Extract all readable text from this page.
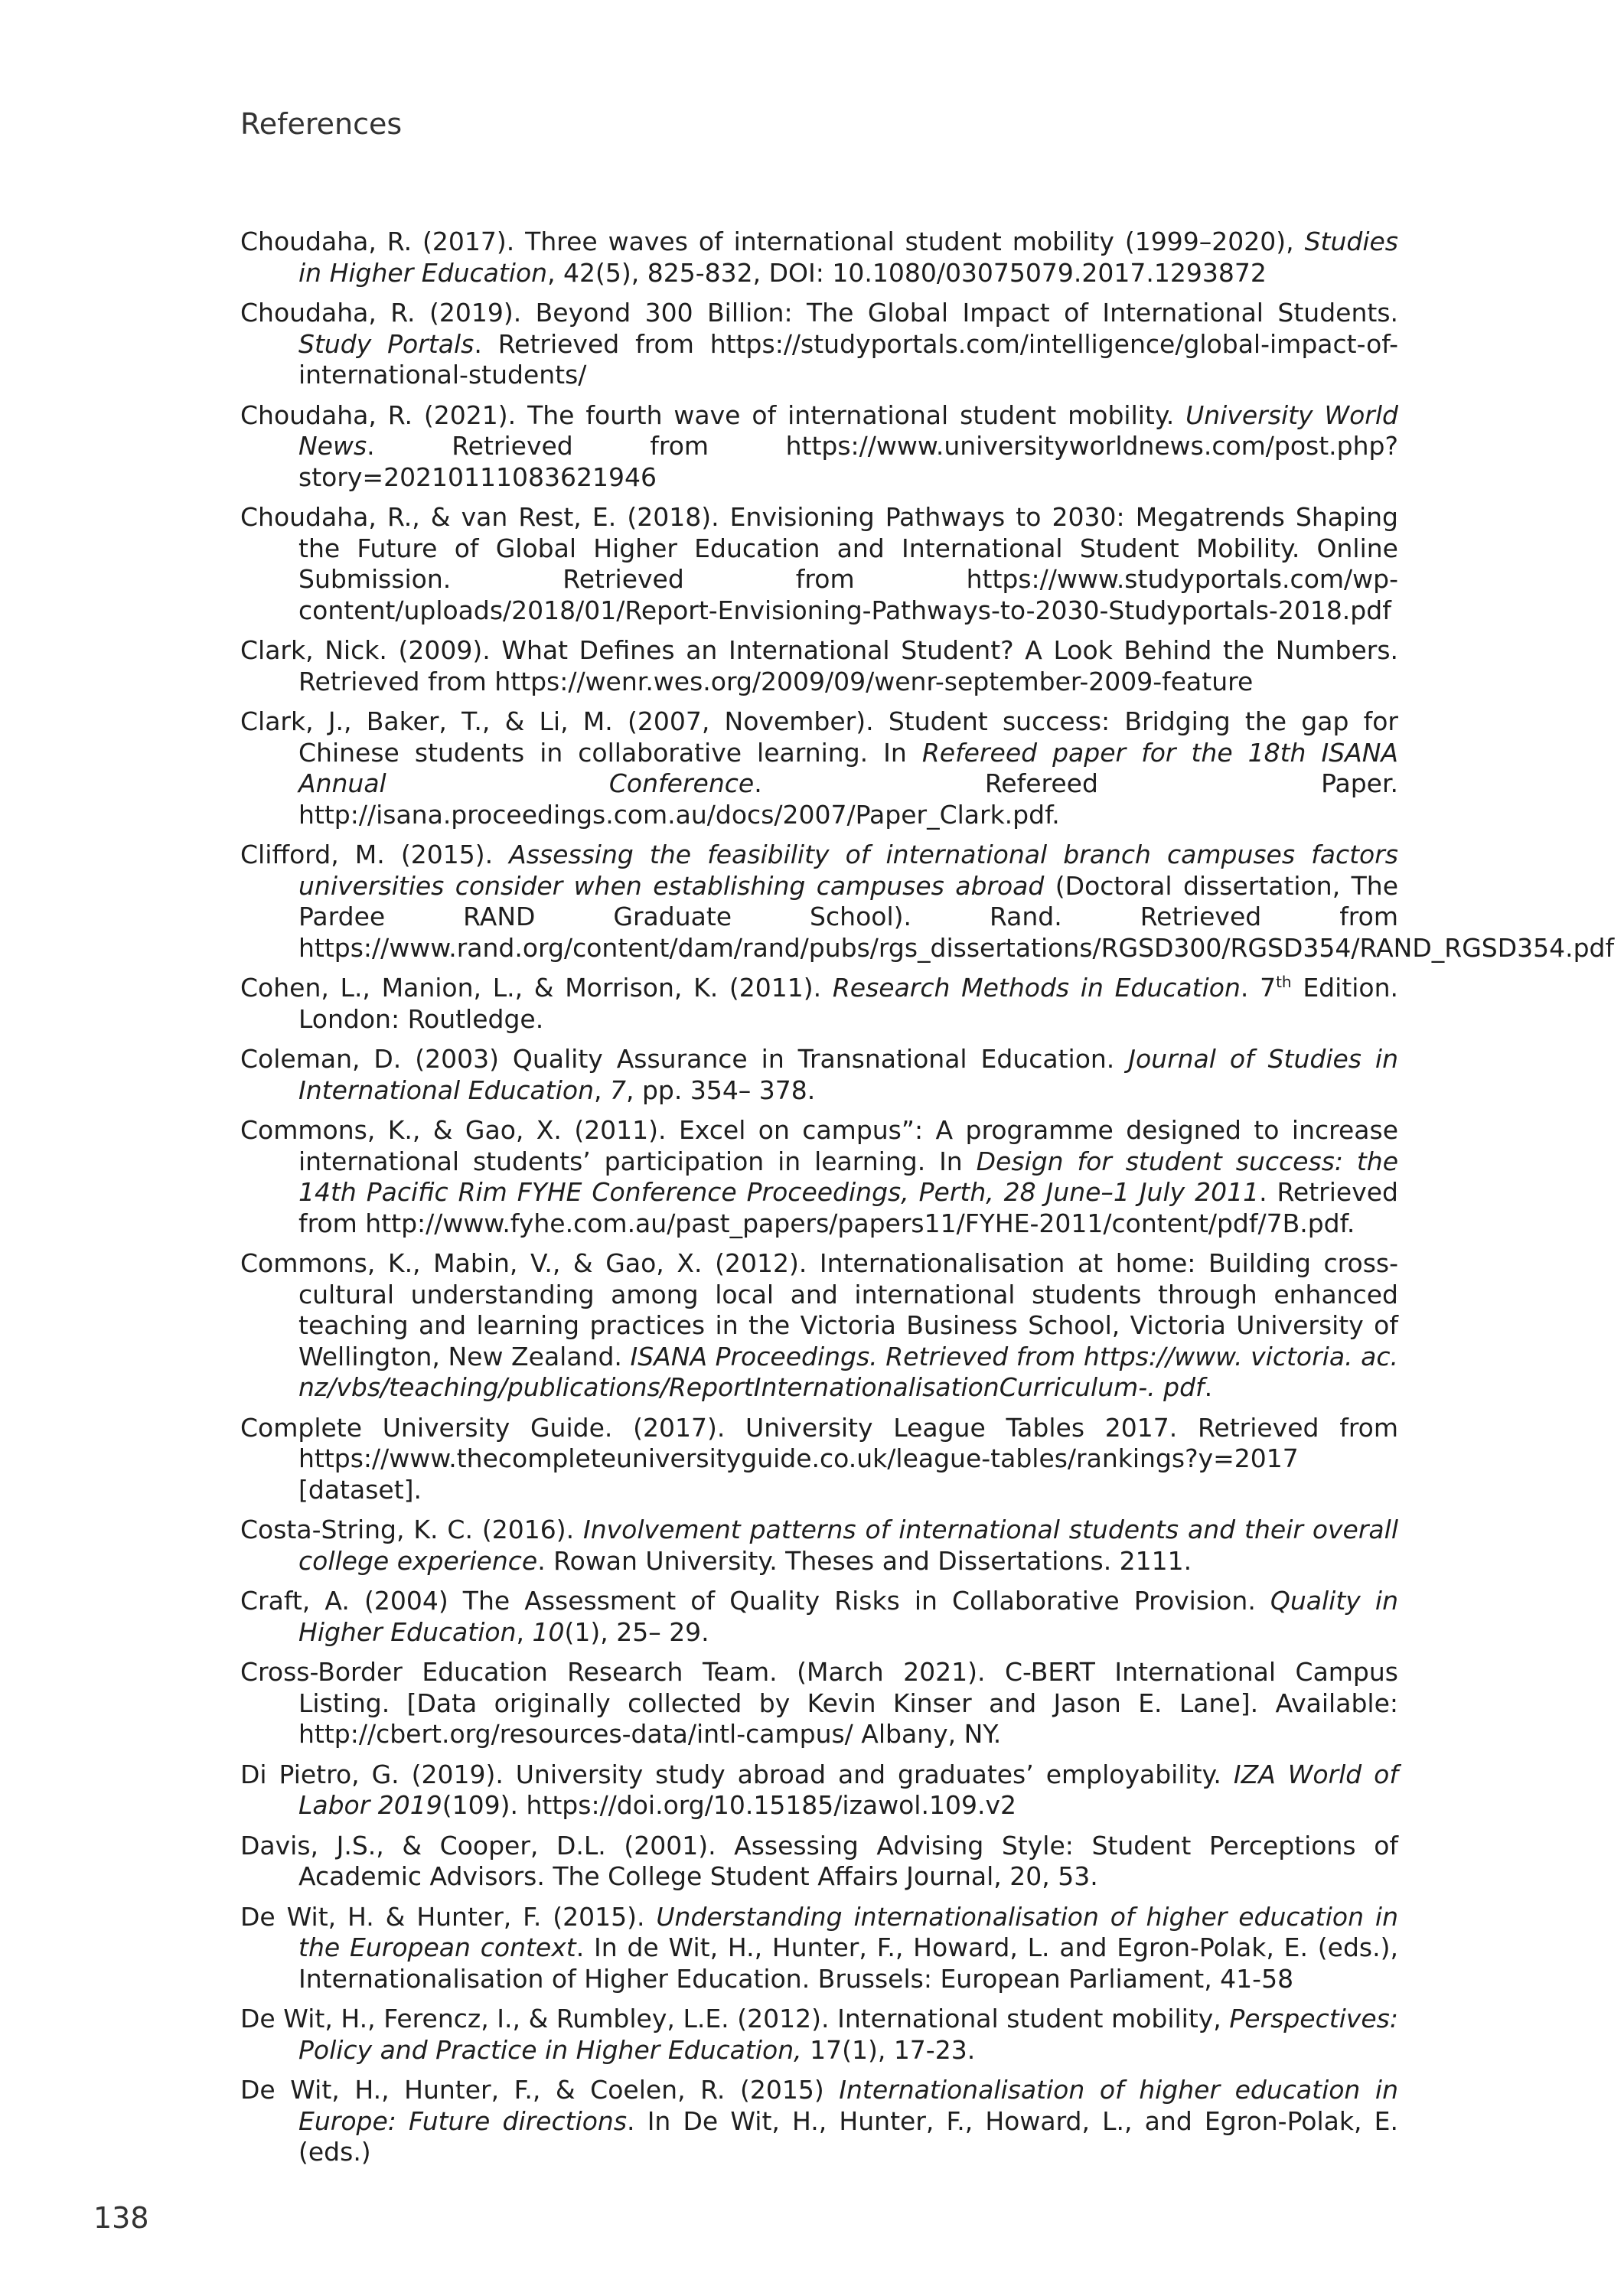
References

Choudaha, R. (2017). Three waves of international student mobility (1999–2020), Studies in Higher Education, 42(5), 825-832, DOI: 10.1080/03075079.2017.1293872

Choudaha, R. (2019). Beyond 300 Billion: The Global Impact of International Students. Study Portals. Retrieved from https://studyportals.com/intelligence/global-impact-of-international-students/

Choudaha, R. (2021). The fourth wave of international student mobility. University World News. Retrieved from https://www.universityworldnews.com/post.php?story=20210111083621946

Choudaha, R., & van Rest, E. (2018). Envisioning Pathways to 2030: Megatrends Shaping the Future of Global Higher Education and International Student Mobility. Online Submission. Retrieved from https://www.studyportals.com/wp-content/uploads/2018/01/Report-Envisioning-Pathways-to-2030-Studyportals-2018.pdf

Clark, Nick. (2009). What Defines an International Student? A Look Behind the Numbers. Retrieved from https://wenr.wes.org/2009/09/wenr-september-2009-feature

Clark, J., Baker, T., & Li, M. (2007, November). Student success: Bridging the gap for Chinese students in collaborative learning. In Refereed paper for the 18th ISANA Annual Conference. Refereed Paper. http://isana.proceedings.com.au/docs/2007/Paper_Clark.pdf.

Clifford, M. (2015). Assessing the feasibility of international branch campuses factors universities consider when establishing campuses abroad (Doctoral dissertation, The Pardee RAND Graduate School). Rand. Retrieved from https://www.rand.org/content/dam/rand/pubs/rgs_dissertations/RGSD300/RGSD354/RAND_RGSD354.pdf

Cohen, L., Manion, L., & Morrison, K. (2011). Research Methods in Education. 7th Edition. London: Routledge.

Coleman, D. (2003) Quality Assurance in Transnational Education. Journal of Studies in International Education, 7, pp. 354– 378.

Commons, K., & Gao, X. (2011). Excel on campus”: A programme designed to increase international students’ participation in learning. In Design for student success: the 14th Pacific Rim FYHE Conference Proceedings, Perth, 28 June–1 July 2011. Retrieved from http://www.fyhe.com.au/past_papers/papers11/FYHE-2011/content/pdf/7B.pdf.

Commons, K., Mabin, V., & Gao, X. (2012). Internationalisation at home: Building cross-cultural understanding among local and international students through enhanced teaching and learning practices in the Victoria Business School, Victoria University of Wellington, New Zealand. ISANA Proceedings. Retrieved from https://www. victoria. ac. nz/vbs/teaching/publications/ReportInternationalisationCurriculum-. pdf.

Complete University Guide. (2017). University League Tables 2017. Retrieved from https://www.thecompleteuniversityguide.co.uk/league-tables/rankings?y=2017 [dataset].

Costa-String, K. C. (2016). Involvement patterns of international students and their overall college experience. Rowan University. Theses and Dissertations. 2111.

Craft, A. (2004) The Assessment of Quality Risks in Collaborative Provision. Quality in Higher Education, 10(1), 25– 29.

Cross-Border Education Research Team. (March 2021). C-BERT International Campus Listing. [Data originally collected by Kevin Kinser and Jason E. Lane]. Available: http://cbert.org/resources-data/intl-campus/ Albany, NY.

Di Pietro, G. (2019). University study abroad and graduates’ employability. IZA World of Labor 2019(109). https://doi.org/10.15185/izawol.109.v2

Davis, J.S., & Cooper, D.L. (2001). Assessing Advising Style: Student Perceptions of Academic Advisors. The College Student Affairs Journal, 20, 53.

De Wit, H. & Hunter, F. (2015). Understanding internationalisation of higher education in the European context. In de Wit, H., Hunter, F., Howard, L. and Egron-Polak, E. (eds.), Internationalisation of Higher Education. Brussels: European Parliament, 41-58

De Wit, H., Ferencz, I., & Rumbley, L.E. (2012). International student mobility, Perspectives: Policy and Practice in Higher Education, 17(1), 17-23.

De Wit, H., Hunter, F., & Coelen, R. (2015) Internationalisation of higher education in Europe: Future directions. In De Wit, H., Hunter, F., Howard, L., and Egron-Polak, E. (eds.)

138
